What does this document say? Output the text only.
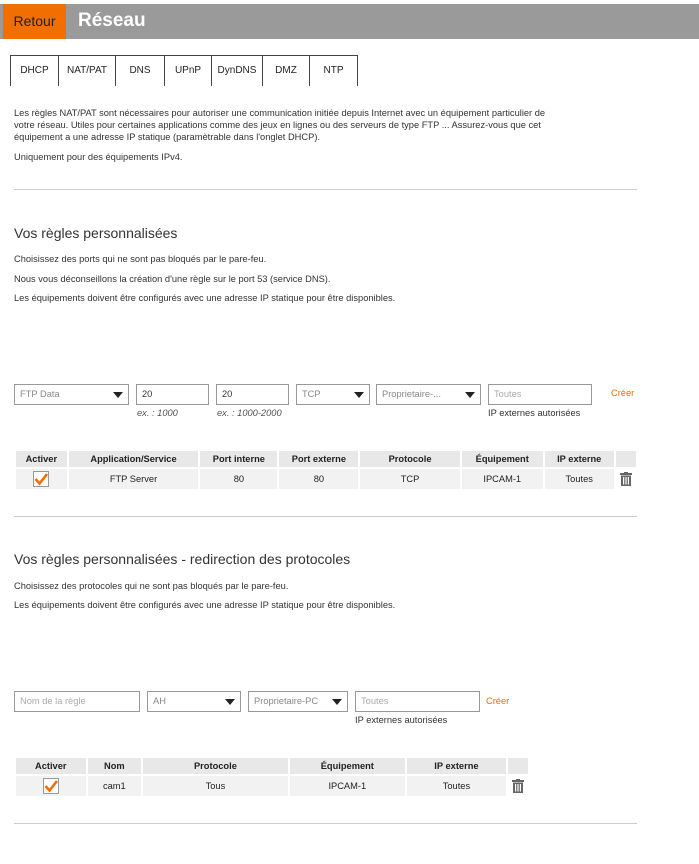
Retour	Réseau
DHCP	NAT/PAT	DNS	UPnP	DynDNS	DMZ	NTP
Les règles NAT/PAT sont nécessaires pour autoriser une communication initiée depuis Internet avec un équipement particulier de
votre réseau. Utiles pour certaines applications comme des jeux en lignes ou des serveurs de type FTP ... Assurez-vous que cet
équipement a une adresse IP statique (paramètrable dans l'onglet DHCP).
Uniquement pour des équipements IPv4.
Vos règles personnalisées
Choisissez des ports qui ne sont pas bloqués par le pare-feu.
Nous vous déconseillons la création d'une règle sur le port 53 (service DNS).
Les équipements doivent être configurés avec une adresse IP statique pour être disponibles.
FTP Data	20
ex. : 1000
20
ex. : 1000-2000
TCP	Proprietaire-...	Toutes
IP externes autorisées
Créer
Activer	Application/Service	Port interne	Port externe	Protocole	Équipement	IP externe	
	FTP Server	80	80	TCP	IPCAM-1	Toutes	
Vos règles personnalisées - redirection des protocoles
Choisissez des protocoles qui ne sont pas bloqués par le pare-feu.
Les équipements doivent être configurés avec une adresse IP statique pour être disponibles.
Nom de la règle	AH	Proprietaire-PC	Toutes
IP externes autorisées
Créer
Activer	Nom	Protocole	Équipement	IP externe	
	cam1	Tous	IPCAM-1	Toutes	
